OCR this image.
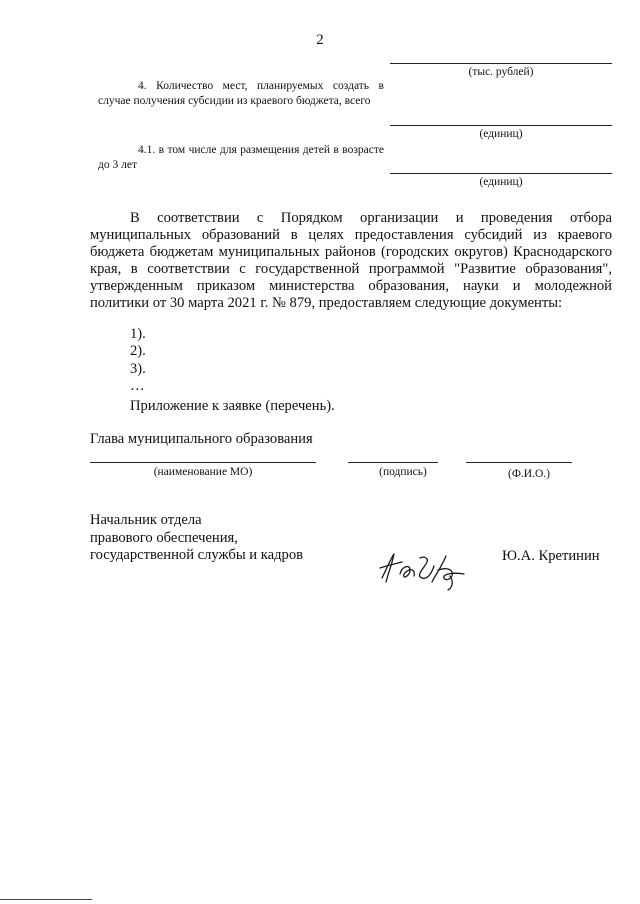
2
(тыс. рублей)
4. Количество мест, планируемых создать в случае получения субсидии из краевого бюджета, всего
(единиц)
4.1. в том числе для размещения детей в возрасте до 3 лет
(единиц)
В соответствии с Порядком организации и проведения отбора муниципальных образований в целях предоставления субсидий из краевого бюджета бюджетам муниципальных районов (городских округов) Краснодарского края, в соответствии с государственной программой "Развитие образования", утвержденным приказом министерства образования, науки и молодежной политики от 30 марта 2021 г. № 879, предоставляем следующие документы:
1).
2).
3).
…
Приложение к заявке (перечень).
Глава муниципального образования
(наименование МО)	(подпись)	(Ф.И.О.)
Начальник отдела
правового обеспечения,
государственной службы и кадров	Ю.А. Кретинин
